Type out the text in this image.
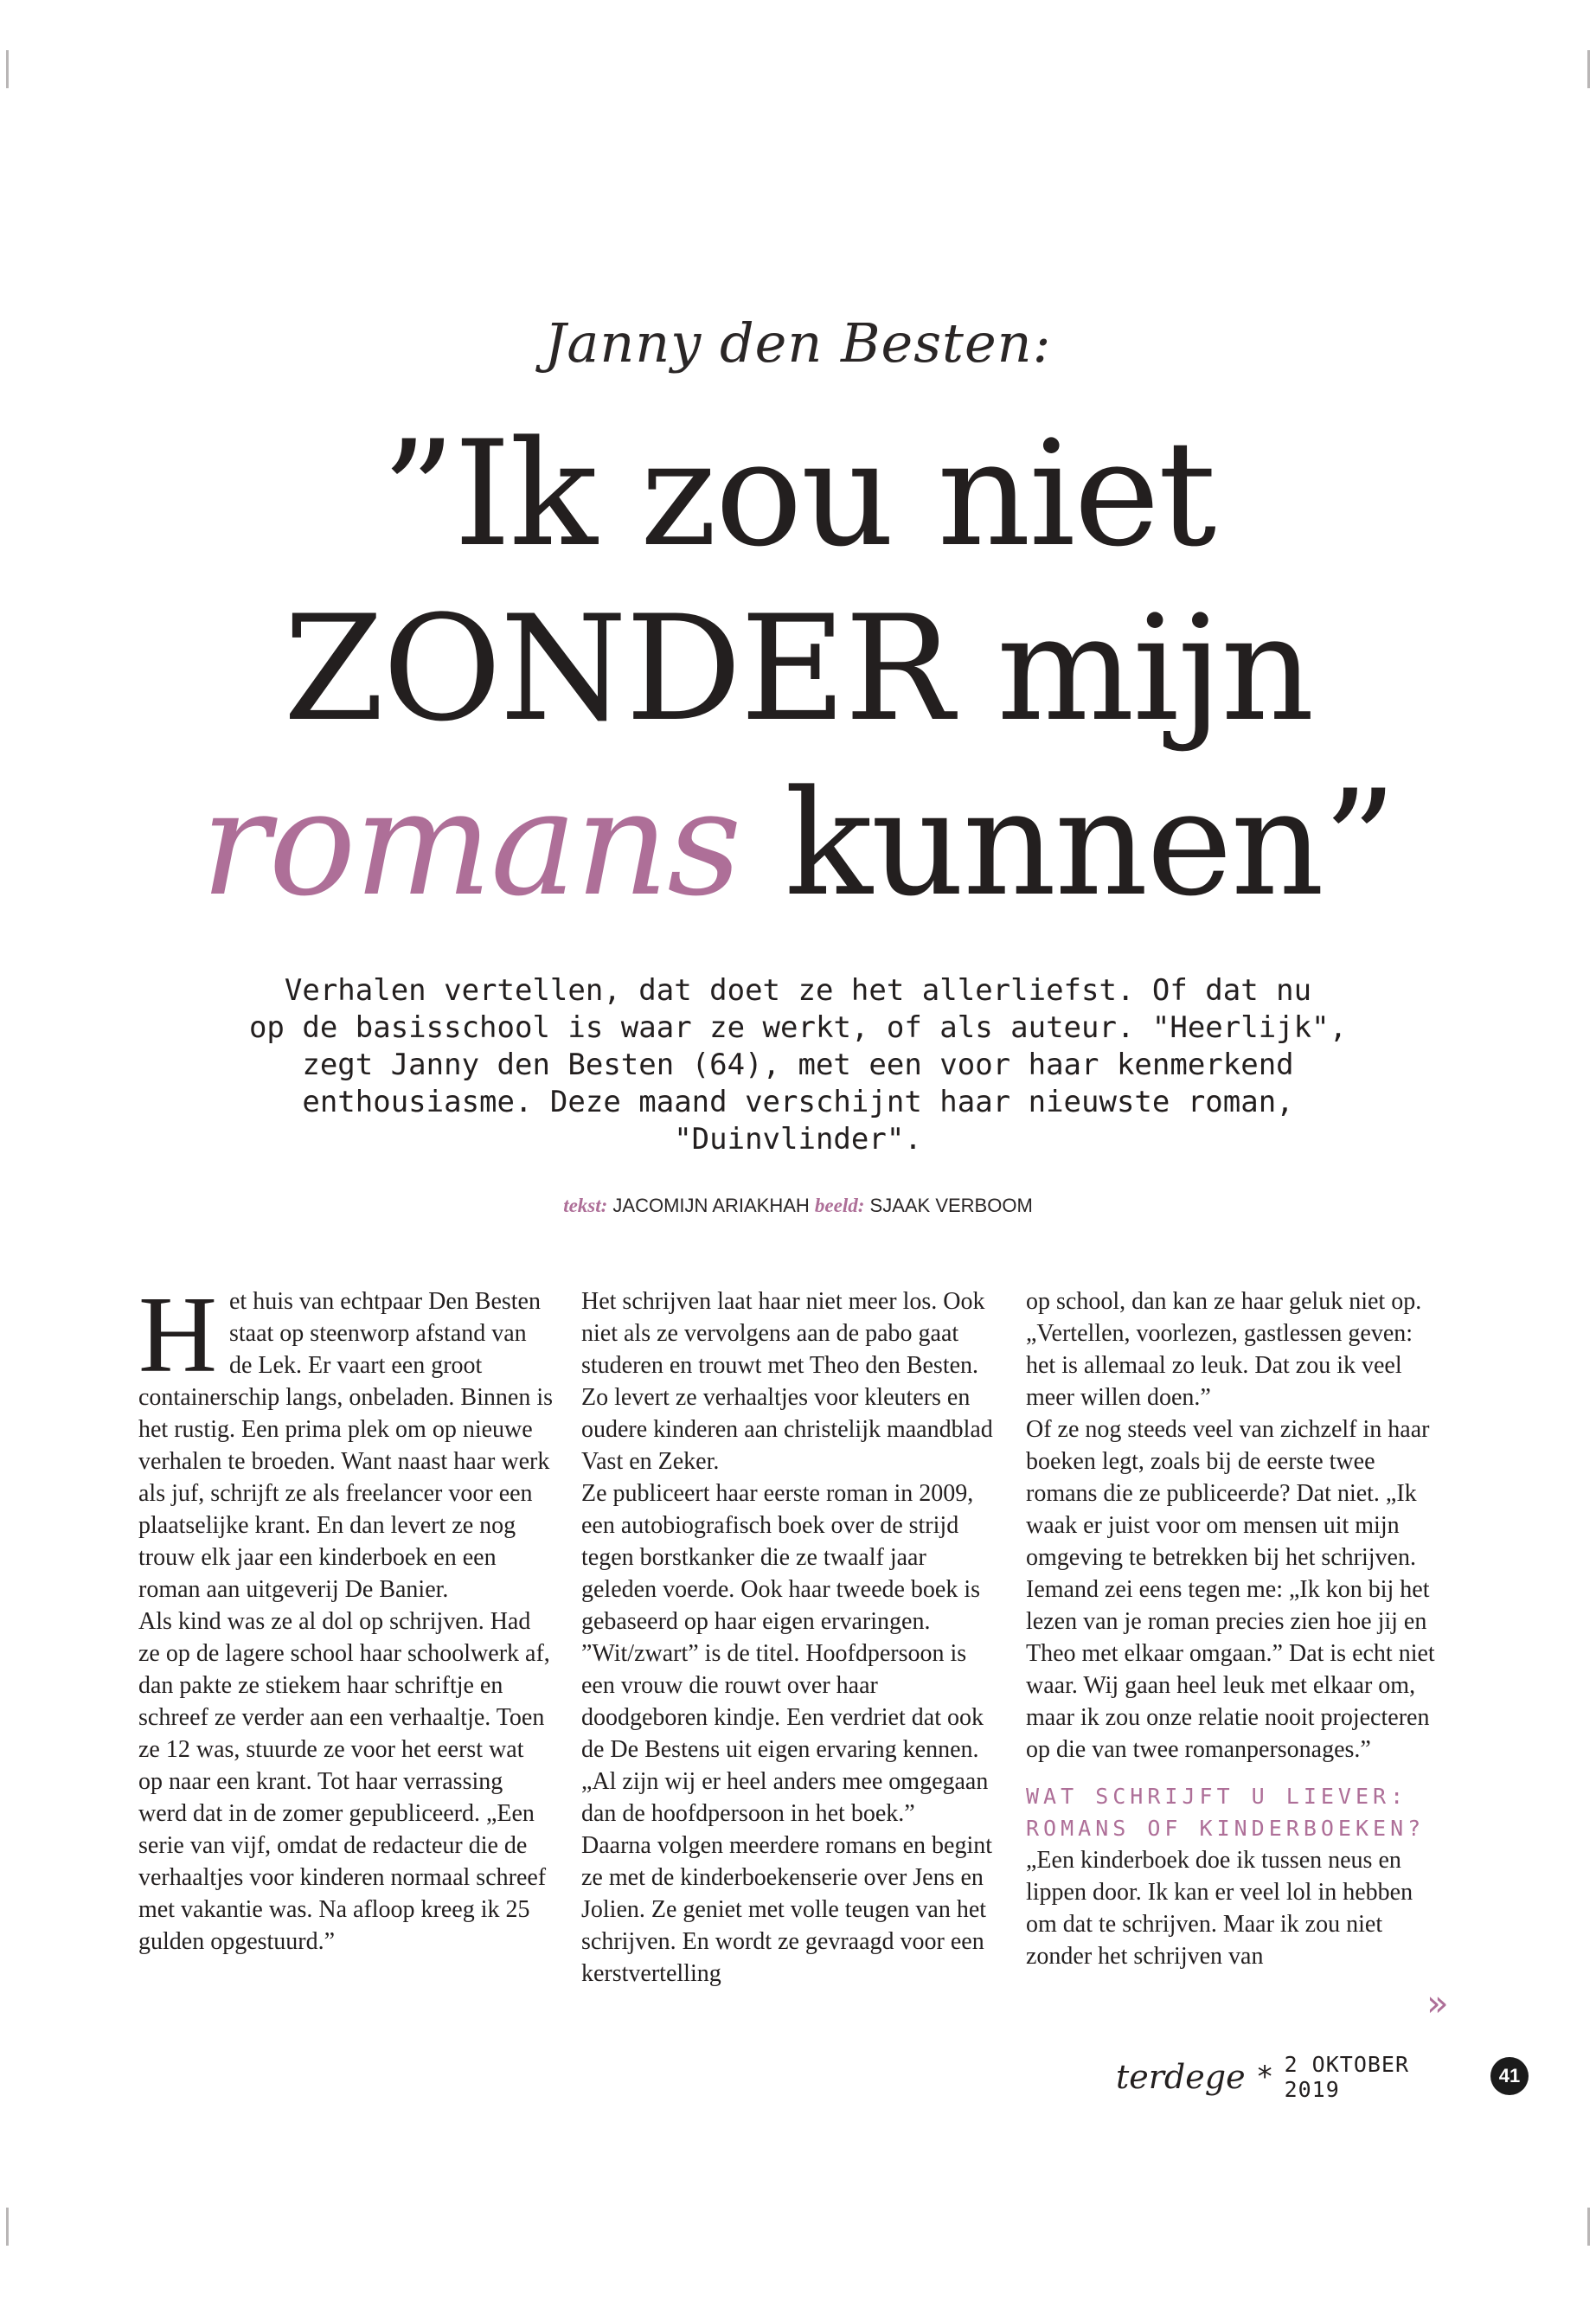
Janny den Besten:
”Ik zou niet
ZONDER mijn
romans kunnen”
Verhalen vertellen, dat doet ze het allerliefst. Of dat nu
op de basisschool is waar ze werkt, of als auteur. "Heerlijk",
zegt Janny den Besten (64), met een voor haar kenmerkend
enthousiasme. Deze maand verschijnt haar nieuwste roman,
"Duinvlinder".
tekst: JACOMIJN ARIAKHAH beeld: SJAAK VERBOOM
H et huis van echtpaar Den Besten staat op steenworp afstand van de Lek. Er vaart een groot containerschip langs, onbeladen. Binnen is het rustig. Een prima plek om op nieuwe verhalen te broeden. Want naast haar werk als juf, schrijft ze als freelancer voor een plaatselijke krant. En dan levert ze nog trouw elk jaar een kinderboek en een roman aan uitgeverij De Banier.

Als kind was ze al dol op schrijven. Had ze op de lagere school haar schoolwerk af, dan pakte ze stiekem haar schriftje en schreef ze verder aan een verhaaltje. Toen ze 12 was, stuurde ze voor het eerst wat op naar een krant. Tot haar verrassing werd dat in de zomer gepubliceerd. „Een serie van vijf, omdat de redacteur die de verhaaltjes voor kinderen normaal schreef met vakantie was. Na afloop kreeg ik 25 gulden opgestuurd.”

Het schrijven laat haar niet meer los. Ook niet als ze vervolgens aan de pabo gaat studeren en trouwt met Theo den Besten. Zo levert ze verhaaltjes voor kleuters en oudere kinderen aan christelijk maandblad Vast en Zeker.

Ze publiceert haar eerste roman in 2009, een autobiografisch boek over de strijd tegen borstkanker die ze twaalf jaar geleden voerde. Ook haar tweede boek is gebaseerd op haar eigen ervaringen. ”Wit/zwart” is de titel. Hoofdpersoon is een vrouw die rouwt over haar doodgeboren kindje. Een verdriet dat ook de De Bestens uit eigen ervaring kennen. „Al zijn wij er heel anders mee omgegaan dan de hoofdpersoon in het boek.”

Daarna volgen meerdere romans en begint ze met de kinderboekenserie over Jens en Jolien. Ze geniet met volle teugen van het schrijven. En wordt ze gevraagd voor een kerstvertelling

op school, dan kan ze haar geluk niet op. „Vertellen, voorlezen, gastlessen geven: het is allemaal zo leuk. Dat zou ik veel meer willen doen.”

Of ze nog steeds veel van zichzelf in haar boeken legt, zoals bij de eerste twee romans die ze publiceerde? Dat niet. „Ik waak er juist voor om mensen uit mijn omgeving te betrekken bij het schrijven. Iemand zei eens tegen me: „Ik kon bij het lezen van je roman precies zien hoe jij en Theo met elkaar omgaan.” Dat is echt niet waar. Wij gaan heel leuk met elkaar om, maar ik zou onze relatie nooit projecteren op die van twee romanpersonages.”

WAT SCHRIJFT U LIEVER: ROMANS OF KINDERBOEKEN?

„Een kinderboek doe ik tussen neus en lippen door. Ik kan er veel lol in hebben om dat te schrijven. Maar ik zou niet zonder het schrijven van

»
terdege * 2 OKTOBER 2019
41
